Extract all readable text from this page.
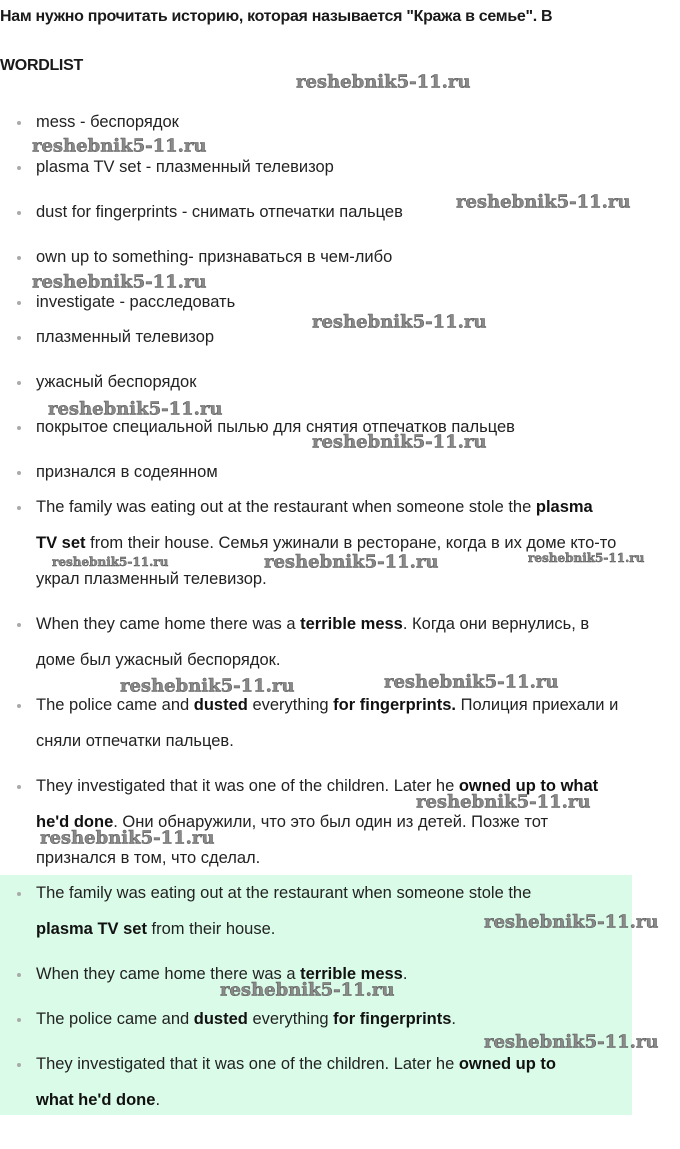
Нам нужно прочитать историю, которая называется "Кража в семье". В
WORDLIST
mess - беспорядок
plasma TV set - плазменный телевизор
dust for fingerprints - снимать отпечатки пальцев
own up to something- признаваться в чем-либо
investigate - расследовать
плазменный телевизор
ужасный беспорядок
покрытое специальной пылью для снятия отпечатков пальцев
признался в содеянном
The family was eating out at the restaurant when someone stole the plasma
TV set from their house. Семья ужинали в ресторане, когда в их доме кто-то
украл плазменный телевизор.
When they came home there was a terrible mess. Когда они вернулись, в
доме был ужасный беспорядок.
The police came and dusted everything for fingerprints. Полиция приехали и
сняли отпечатки пальцев.
They investigated that it was one of the children. Later he owned up to what
he'd done. Они обнаружили, что это был один из детей. Позже тот
признался в том, что сделал.
The family was eating out at the restaurant when someone stole the
plasma TV set from their house.
When they came home there was a terrible mess.
The police came and dusted everything for fingerprints.
They investigated that it was one of the children. Later he owned up to
what he'd done.
reshebnik5-11.ru
reshebnik5-11.ru
reshebnik5-11.ru
reshebnik5-11.ru
reshebnik5-11.ru
reshebnik5-11.ru
reshebnik5-11.ru
reshebnik5-11.ru	reshebnik5-11.ru	reshebnik5-11.ru
reshebnik5-11.ru	reshebnik5-11.ru
reshebnik5-11.ru
reshebnik5-11.ru
reshebnik5-11.ru
reshebnik5-11.ru
reshebnik5-11.ru
